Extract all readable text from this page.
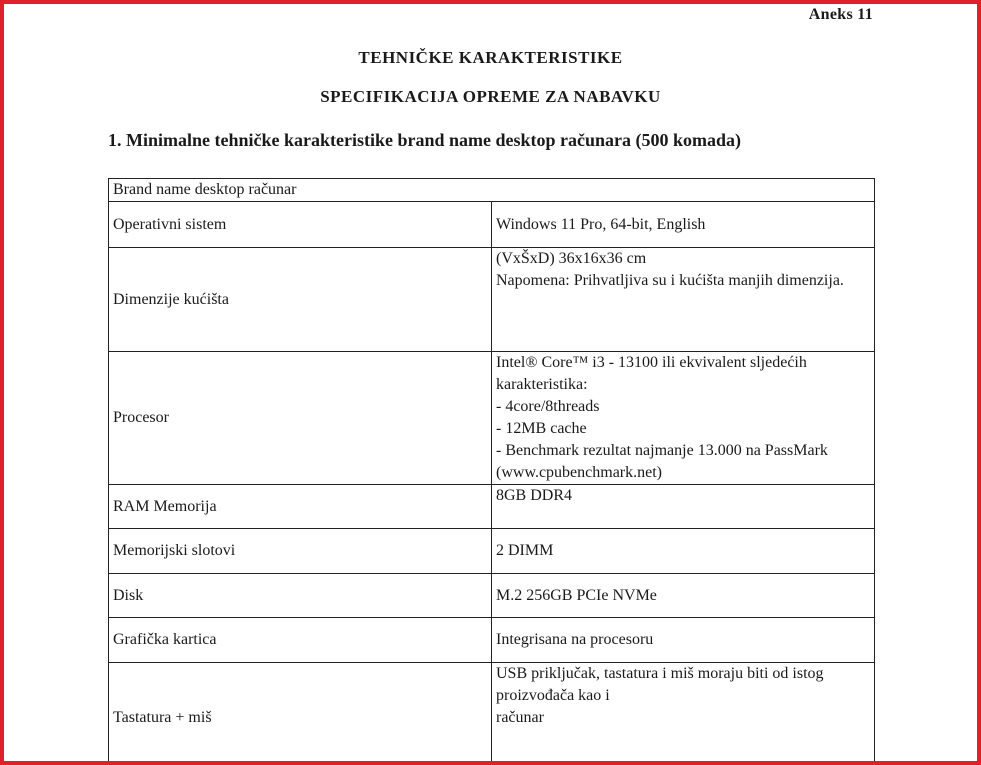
Aneks 11
TEHNIČKE KARAKTERISTIKE
SPECIFIKACIJA OPREME ZA NABAVKU
1. Minimalne tehničke karakteristike brand name desktop računara (500 komada)
Brand name desktop računar	
Operativni sistem	Windows 11 Pro, 64-bit, English

Dimenzije kućišta	(VxŠxD) 36x16x36 cm
Napomena: Prihvatljiva su i kućišta manjih dimenzija.

Procesor	Intel® Core™ i3 - 13100 ili ekvivalent sljedećih karakteristika:
- 4core/8threads
- 12MB cache
- Benchmark rezultat najmanje 13.000 na PassMark
(www.cpubenchmark.net)

RAM Memorija	8GB DDR4

Memorijski slotovi	2 DIMM

Disk	M.2 256GB PCIe NVMe

Grafička kartica	Integrisana na procesoru

Tastatura + miš	USB priključak, tastatura i miš moraju biti od istog proizvođača kao i
računar
